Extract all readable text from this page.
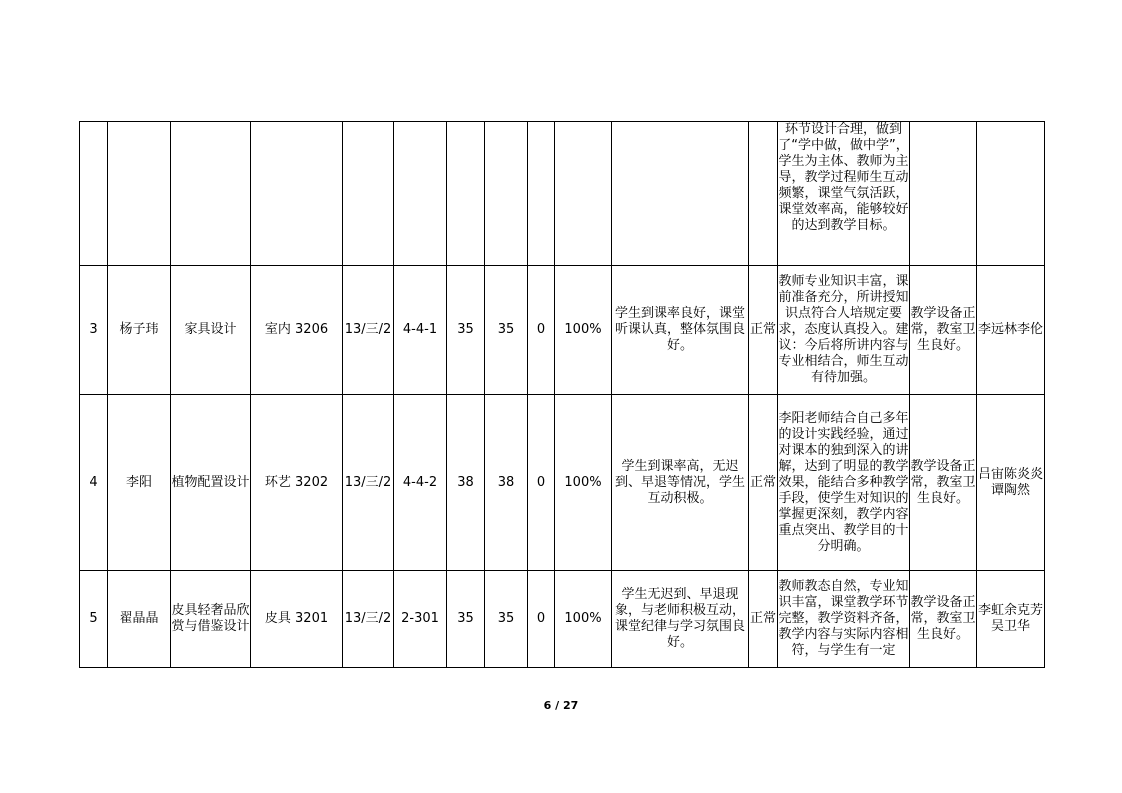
												环节设计合理，做到了“学中做，做中学”，学生为主体、教师为主导，教学过程师生互动频繁，课堂气氛活跃，课堂效率高，能够较好的达到教学目标。		
3	杨子玮	家具设计	室内 3206	13/三/2	4-4-1	35	35	0	100%	学生到课率良好，课堂听课认真，整体氛围良好。	正常	教师专业知识丰富，课前准备充分，所讲授知识点符合人培规定要求，态度认真投入。建议：今后将所讲内容与专业相结合，师生互动有待加强。	教学设备正常，教室卫生良好。	李远林李伦
4	李阳	植物配置设计	环艺 3202	13/三/2	4-4-2	38	38	0	100%	学生到课率高，无迟到、早退等情况，学生互动积极。	正常	李阳老师结合自己多年的设计实践经验，通过对课本的独到深入的讲解，达到了明显的教学效果，能结合多种教学手段，使学生对知识的掌握更深刻，教学内容重点突出、教学目的十分明确。	教学设备正常，教室卫生良好。	吕宙陈炎炎谭陶然
5	翟晶晶	皮具轻奢品欣赏与借鉴设计	皮具 3201	13/三/2	2-301	35	35	0	100%	学生无迟到、早退现象，与老师积极互动，课堂纪律与学习氛围良好。	正常	教师教态自然，专业知识丰富，课堂教学环节完整，教学资料齐备，教学内容与实际内容相符，与学生有一定	教学设备正常，教室卫生良好。	李虹余克芳吴卫华
6 / 27
